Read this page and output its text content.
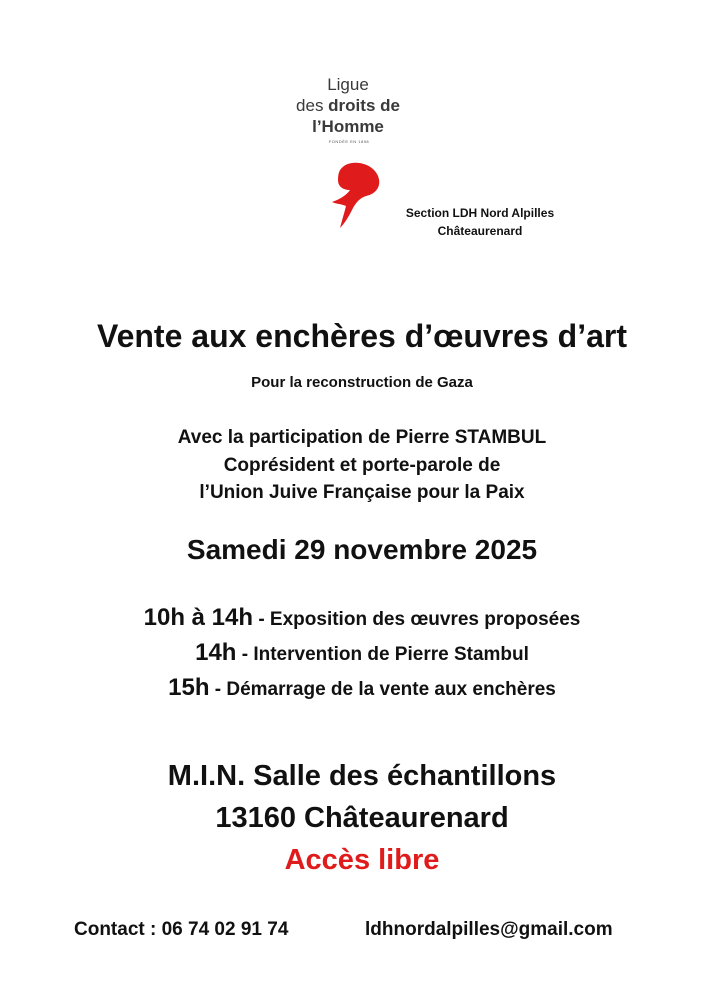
Ligue
des droits de
l’Homme
FONDÉE EN 1898
Section LDH Nord Alpilles
Châteaurenard
Vente aux enchères d’œuvres d’art
Pour la reconstruction de Gaza
Avec la participation de Pierre STAMBUL
Coprésident et porte-parole de
l’Union Juive Française pour la Paix
Samedi 29 novembre 2025
10h à 14h - Exposition des œuvres proposées
14h - Intervention de Pierre Stambul
15h - Démarrage de la vente aux enchères
M.I.N. Salle des échantillons
13160 Châteaurenard
Accès libre
Contact : 06 74 02 91 74	ldhnordalpilles@gmail.com
